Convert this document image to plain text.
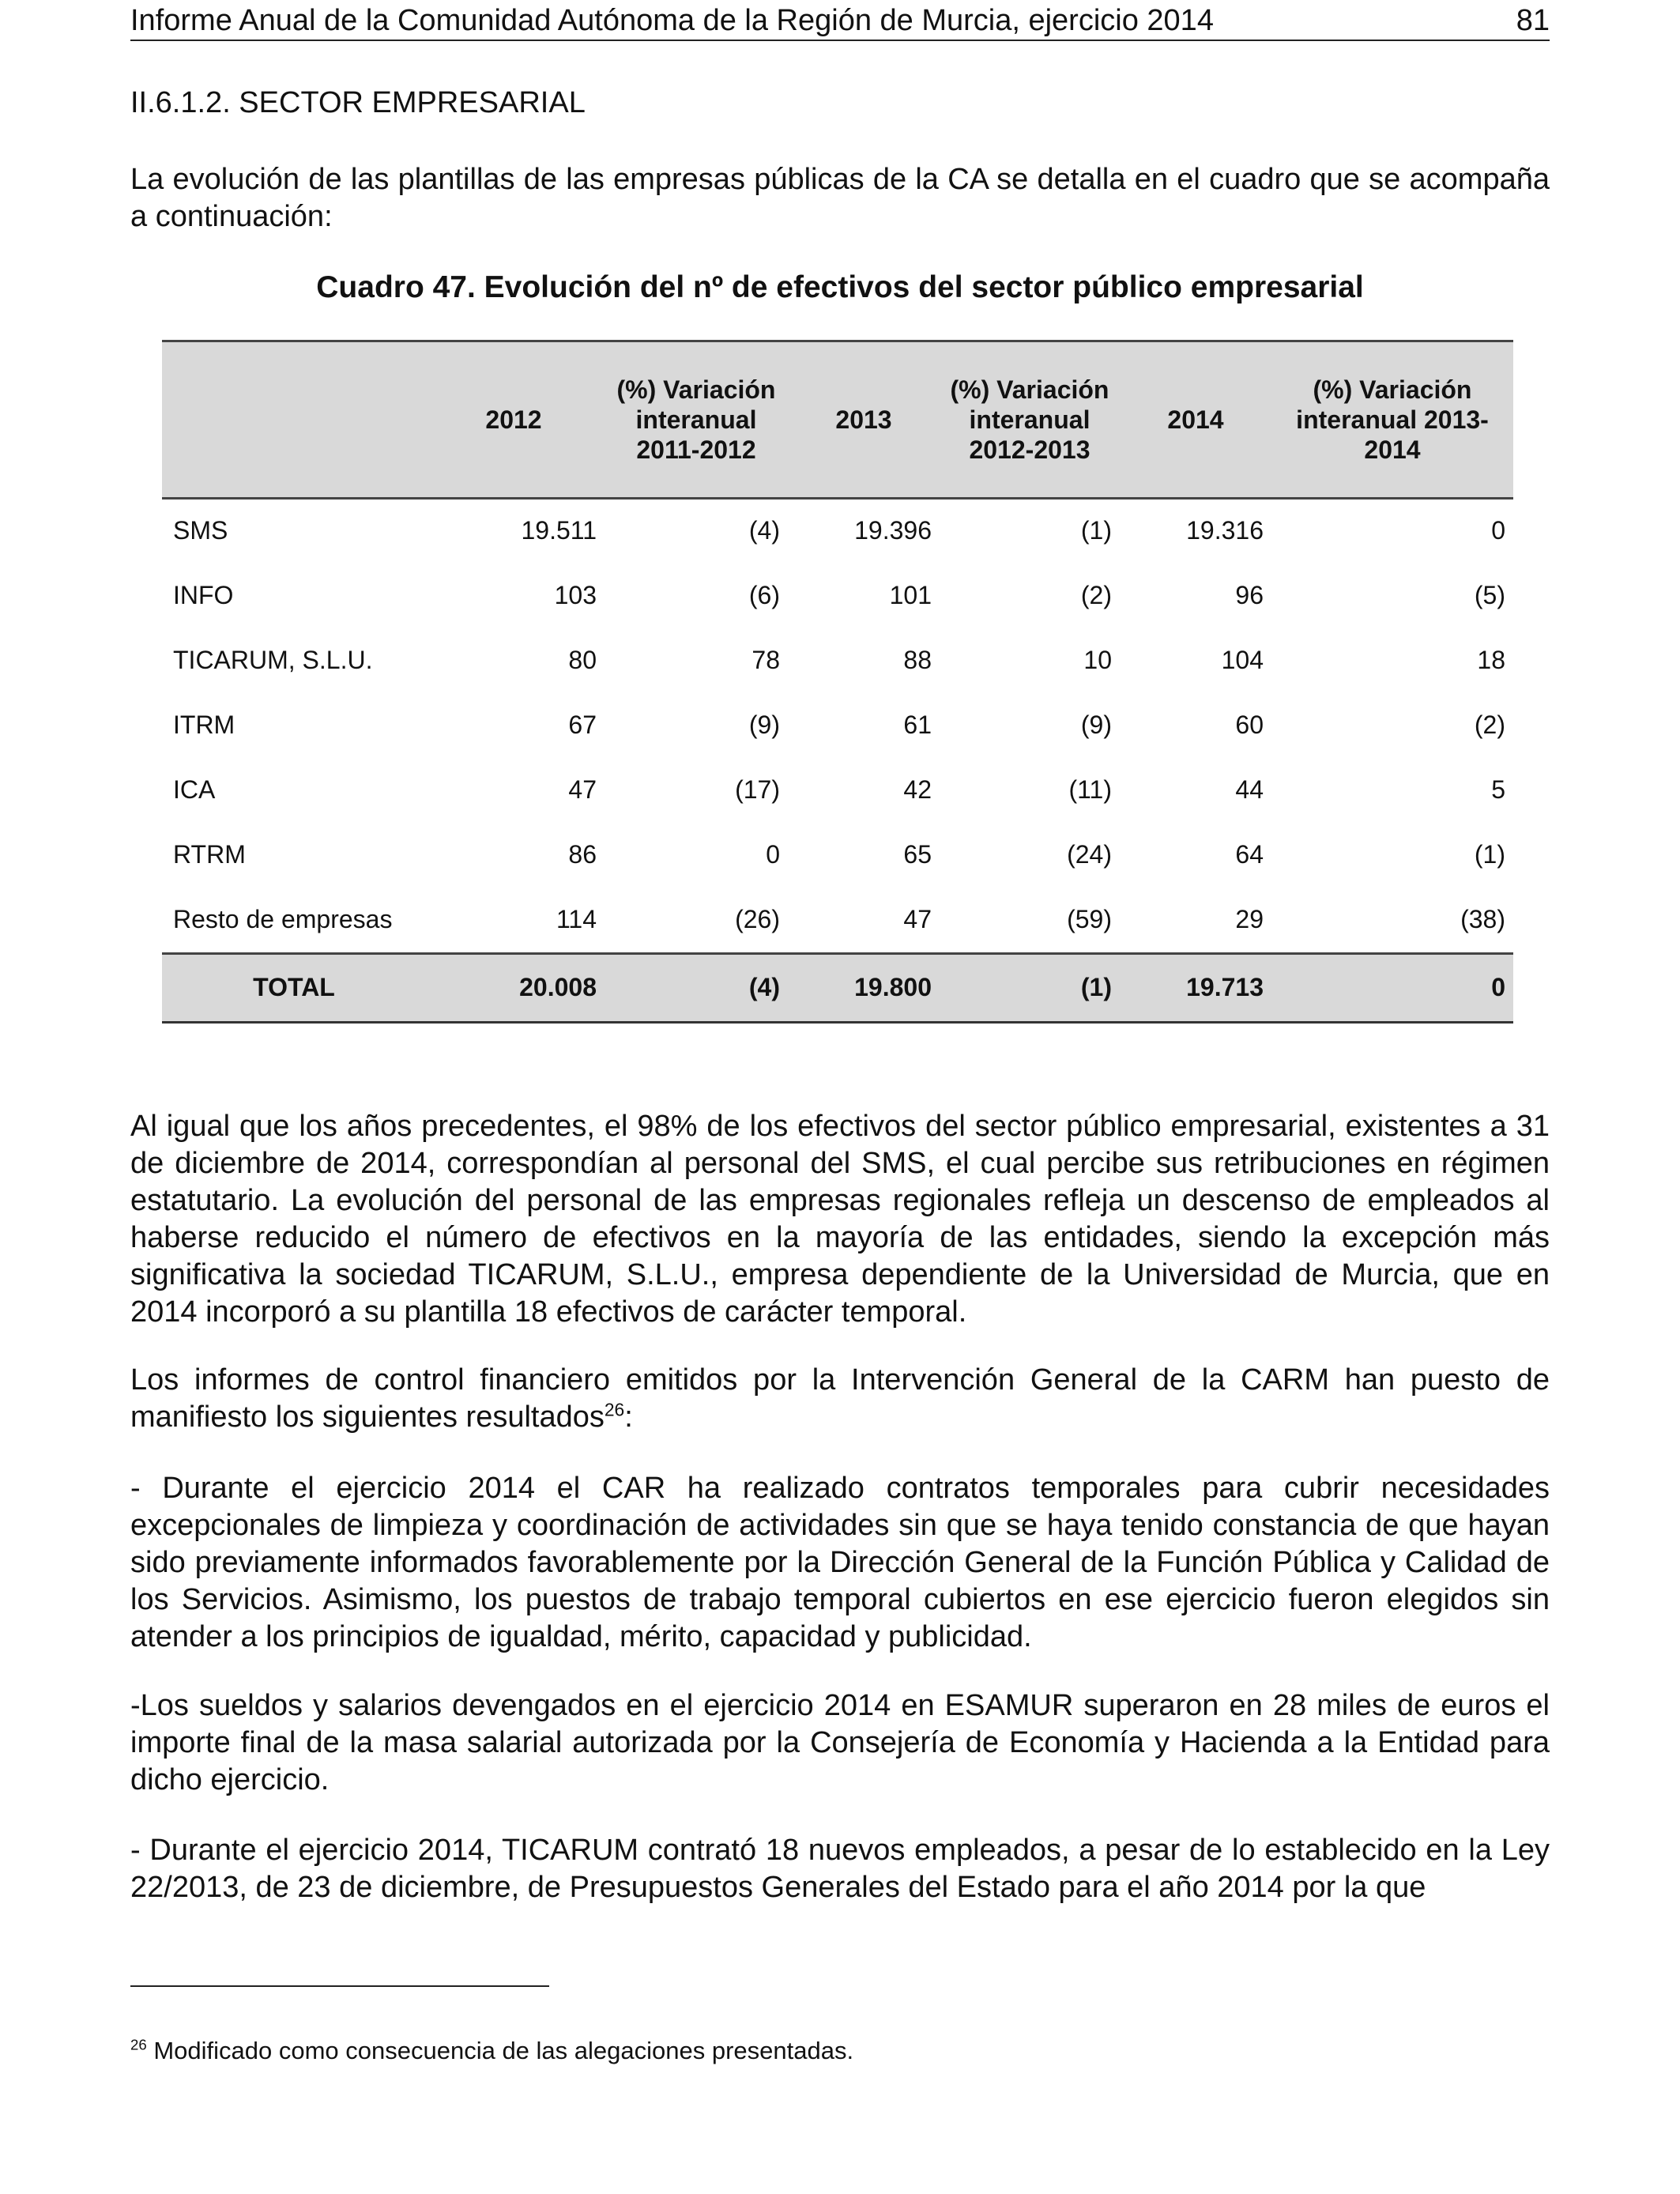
Informe Anual de la Comunidad Autónoma de la Región de Murcia, ejercicio 2014	81
II.6.1.2. SECTOR EMPRESARIAL

La evolución de las plantillas de las empresas públicas de la CA se detalla en el cuadro que se acompaña a continuación:

Cuadro 47. Evolución del nº de efectivos del sector público empresarial
	2012	(%) Variación interanual 2011-2012	2013	(%) Variación interanual 2012-2013	2014	(%) Variación interanual 2013-2014

SMS	19.511	(4)	19.396	(1)	19.316	0
INFO	103	(6)	101	(2)	96	(5)
TICARUM, S.L.U.	80	78	88	10	104	18
ITRM	67	(9)	61	(9)	60	(2)
ICA	47	(17)	42	(11)	44	5
RTRM	86	0	65	(24)	64	(1)
Resto de empresas	114	(26)	47	(59)	29	(38)
TOTAL	20.008	(4)	19.800	(1)	19.713	0

Al igual que los años precedentes, el 98% de los efectivos del sector público empresarial, existentes a 31 de diciembre de 2014, correspondían al personal del SMS, el cual percibe sus retribuciones en régimen estatutario. La evolución del personal de las empresas regionales refleja un descenso de empleados al haberse reducido el número de efectivos en la mayoría de las entidades, siendo la excepción más significativa la sociedad TICARUM, S.L.U., empresa dependiente de la Universidad de Murcia, que en 2014 incorporó a su plantilla 18 efectivos de carácter temporal.

Los informes de control financiero emitidos por la Intervención General de la CARM han puesto de manifiesto los siguientes resultados$^{26}$:

- Durante el ejercicio 2014 el CAR ha realizado contratos temporales para cubrir necesidades excepcionales de limpieza y coordinación de actividades sin que se haya tenido constancia de que hayan sido previamente informados favorablemente por la Dirección General de la Función Pública y Calidad de los Servicios. Asimismo, los puestos de trabajo temporal cubiertos en ese ejercicio fueron elegidos sin atender a los principios de igualdad, mérito, capacidad y publicidad.

-Los sueldos y salarios devengados en el ejercicio 2014 en ESAMUR superaron en 28 miles de euros el importe final de la masa salarial autorizada por la Consejería de Economía y Hacienda a la Entidad para dicho ejercicio.

- Durante el ejercicio 2014, TICARUM contrató 18 nuevos empleados, a pesar de lo establecido en la Ley 22/2013, de 23 de diciembre, de Presupuestos Generales del Estado para el año 2014 por la que

$^{26}$ Modificado como consecuencia de las alegaciones presentadas.
